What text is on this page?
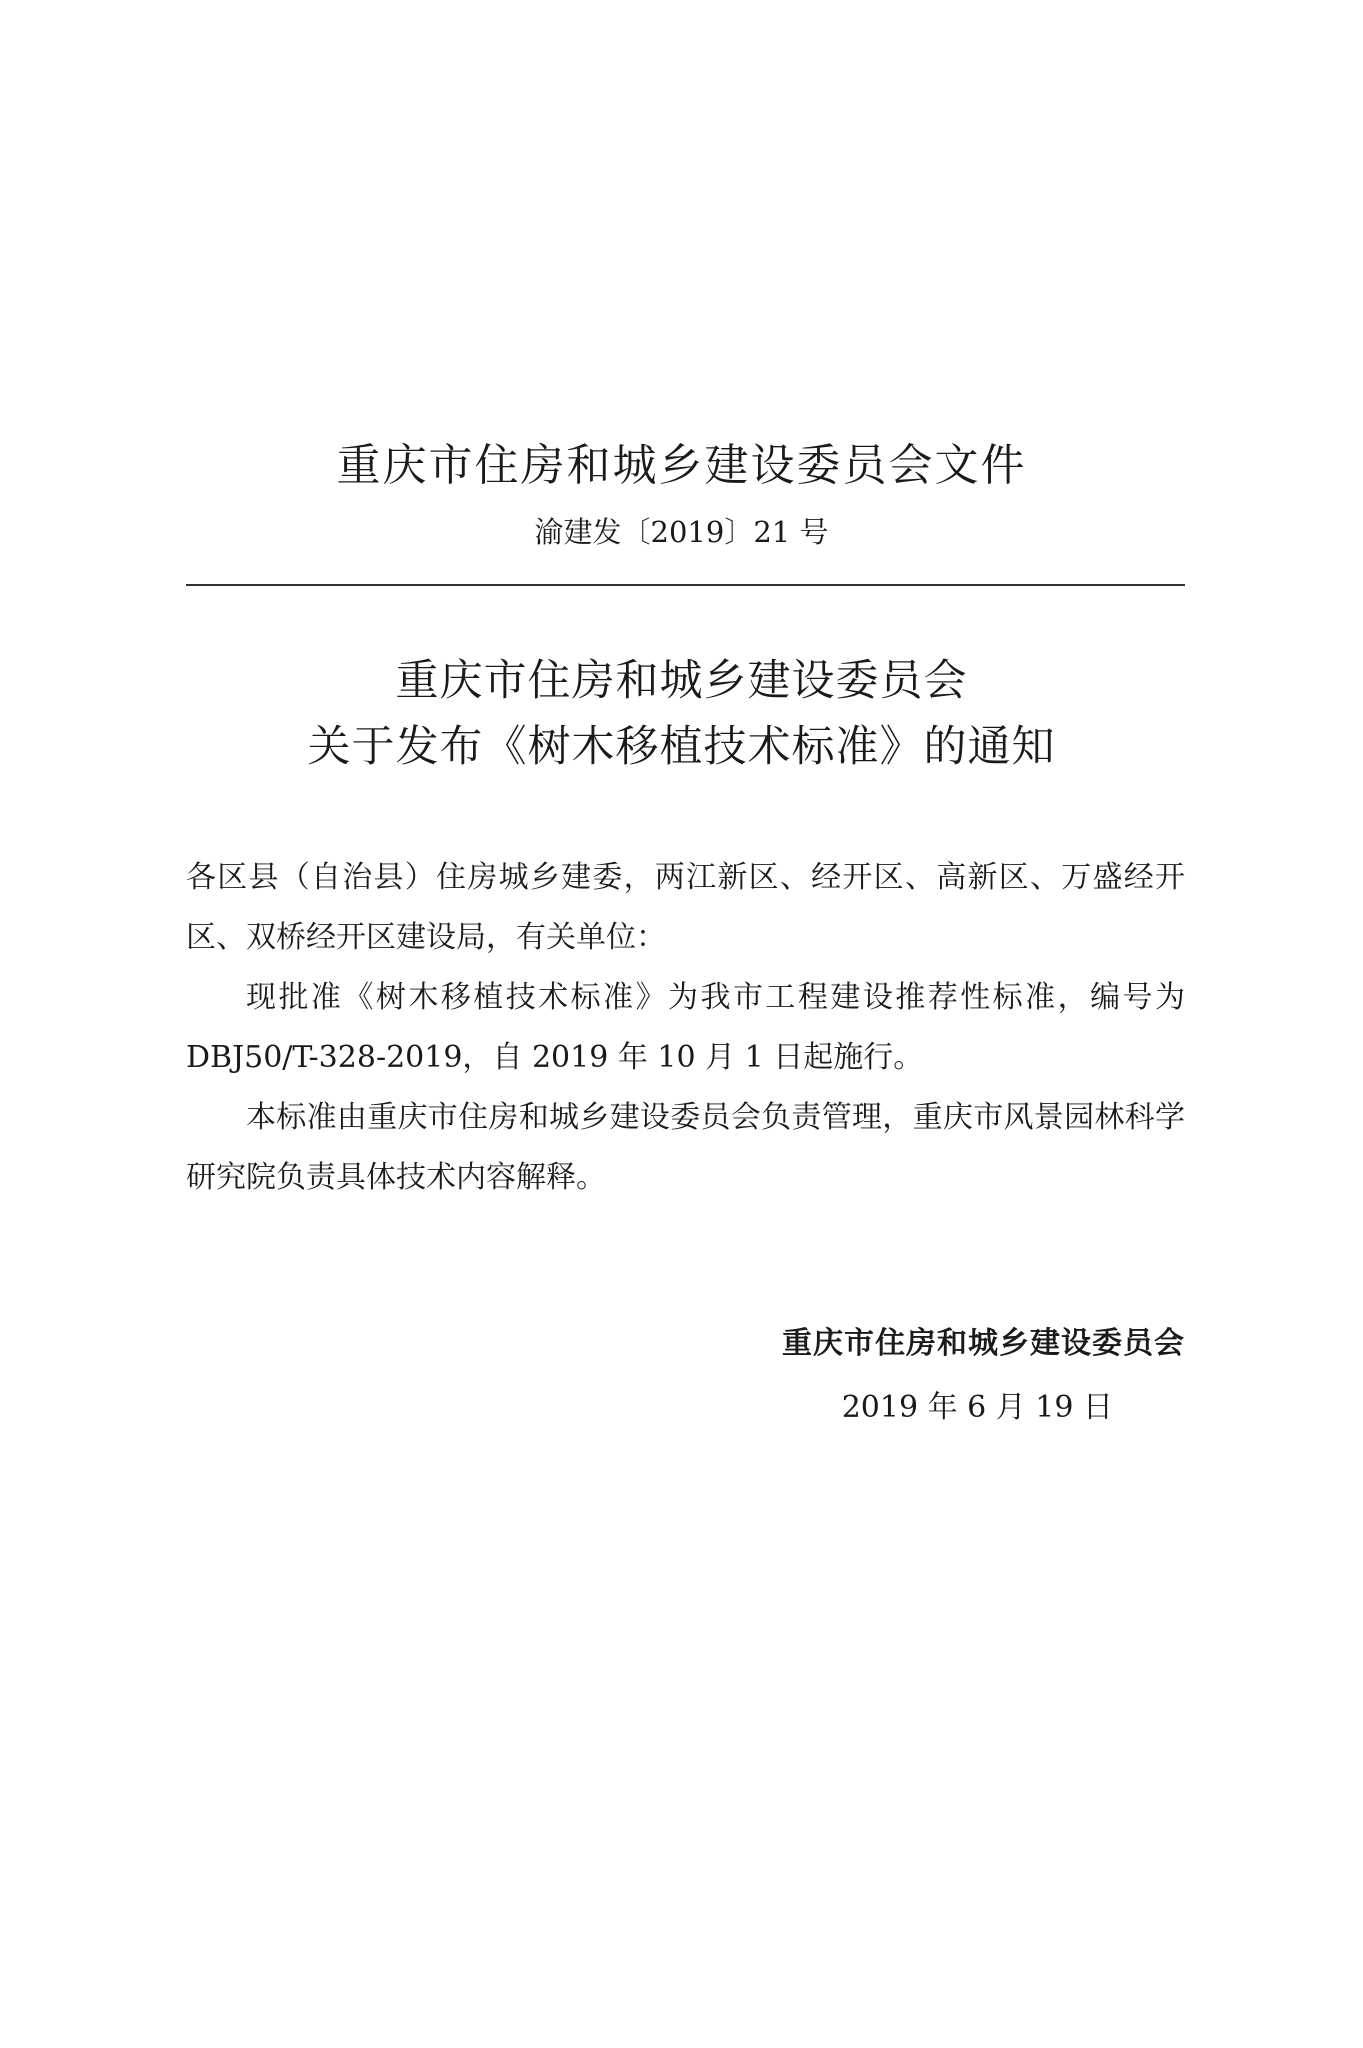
重庆市住房和城乡建设委员会文件
渝建发〔2019〕21 号
重庆市住房和城乡建设委员会
关于发布《树木移植技术标准》的通知

各区县（自治县）住房城乡建委，两江新区、经开区、高新区、万盛经开区、双桥经开区建设局，有关单位：

现批准《树木移植技术标准》为我市工程建设推荐性标准，编号为 DBJ50/T-328-2019，自 2019 年 10 月 1 日起施行。

本标准由重庆市住房和城乡建设委员会负责管理，重庆市风景园林科学研究院负责具体技术内容解释。

重庆市住房和城乡建设委员会
2019 年 6 月 19 日
